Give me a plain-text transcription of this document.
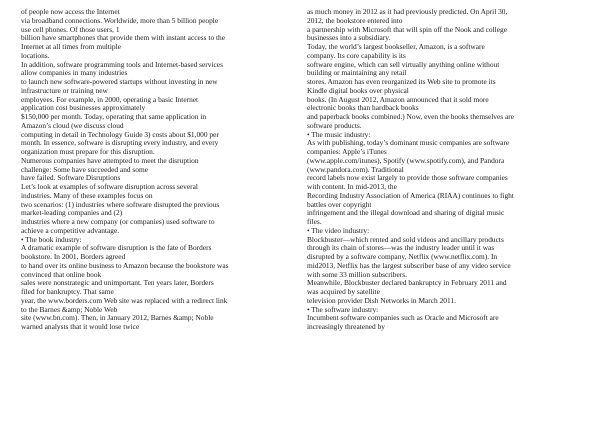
of people now access the Internet
via broadband connections. Worldwide, more than 5 billion people
use cell phones. Of those users, 1
billion have smartphones that provide them with instant access to the
Internet at all times from multiple
locations.
In addition, software programming tools and Internet-based services
allow companies in many industries
to launch new software-powered startups without investing in new
infrastructure or training new
employees. For example, in 2000, operating a basic Internet
application cost businesses approximately
$150,000 per month. Today, operating that same application in
Amazon’s cloud (we discuss cloud
computing in detail in Technology Guide 3) costs about $1,000 per
month. In essence, software is disrupting every industry, and every
organization must prepare for this disruption.
Numerous companies have attempted to meet the disruption
challenge: Some have succeeded and some
have failed. Software Disruptions
Let’s look at examples of software disruption across several
industries. Many of these examples focus on
two scenarios: (1) industries where software disrupted the previous
market-leading companies and (2)
industries where a new company (or companies) used software to
achieve a competitive advantage.
• The book industry:
A dramatic example of software disruption is the fate of Borders
bookstore. In 2001, Borders agreed
to hand over its online business to Amazon because the bookstore was
convinced that online book
sales were nonstrategic and unimportant. Ten years later, Borders
filed for bankruptcy. That same
year, the www.borders.com Web site was replaced with a redirect link
to the Barnes &amp; Noble Web
site (www.bn.com). Then, in January 2012, Barnes &amp; Noble
warned analysts that it would lose twice
as much money in 2012 as it had previously predicted. On April 30,
2012, the bookstore entered into
a partnership with Microsoft that will spin off the Nook and college
businesses into a subsidiary.
Today, the world’s largest bookseller, Amazon, is a software
company. Its core capability is its
software engine, which can sell virtually anything online without
building or maintaining any retail
stores. Amazon has even reorganized its Web site to promote its
Kindle digital books over physical
books. (In August 2012, Amazon announced that it sold more
electronic books than hardback books
and paperback books combined.) Now, even the books themselves are
software products.
• The music industry:
As with publishing, today’s dominant music companies are software
companies: Apple’s iTunes
(www.apple.com/itunes), Spotify (www.spotify.com), and Pandora
(www.pandora.com). Traditional
record labels now exist largely to provide those software companies
with content. In mid-2013, the
Recording Industry Association of America (RIAA) continues to fight
battles over copyright
infringement and the illegal download and sharing of digital music
files.
• The video industry:
Blockbuster—which rented and sold videos and ancillary products
through its chain of stores—was the industry leader until it was
disrupted by a software company, Netflix (www.netflix.com). In
mid2013, Netflix has the largest subscriber base of any video service
with some 33 million subscribers.
Meanwhile, Blockbuster declared bankruptcy in February 2011 and
was acquired by satellite
television provider Dish Networks in March 2011.
• The software industry:
Incumbent software companies such as Oracle and Microsoft are
increasingly threatened by
